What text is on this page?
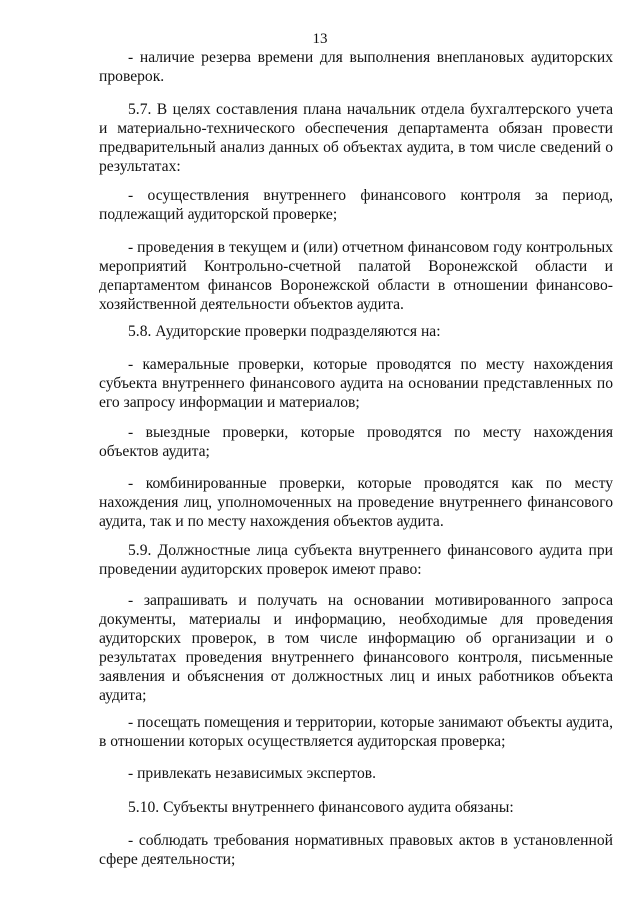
13

- наличие резерва времени для выполнения внеплановых аудиторских проверок.

5.7. В целях составления плана начальник отдела бухгалтерского учета и материально-технического обеспечения департамента обязан провести предварительный анализ данных об объектах аудита, в том числе сведений о результатах:

- осуществления внутреннего финансового контроля за период, подлежащий аудиторской проверке;

- проведения в текущем и (или) отчетном финансовом году контрольных мероприятий Контрольно-счетной палатой Воронежской области и департаментом финансов Воронежской области в отношении финансово-хозяйственной деятельности объектов аудита.

5.8. Аудиторские проверки подразделяются на:

- камеральные проверки, которые проводятся по месту нахождения субъекта внутреннего финансового аудита на основании представленных по его запросу информации и материалов;

- выездные проверки, которые проводятся по месту нахождения объектов аудита;

- комбинированные проверки, которые проводятся как по месту нахождения лиц, уполномоченных на проведение внутреннего финансового аудита, так и по месту нахождения объектов аудита.

5.9. Должностные лица субъекта внутреннего финансового аудита при проведении аудиторских проверок имеют право:

- запрашивать и получать на основании мотивированного запроса документы, материалы и информацию, необходимые для проведения аудиторских проверок, в том числе информацию об организации и о результатах проведения внутреннего финансового контроля, письменные заявления и объяснения от должностных лиц и иных работников объекта аудита;

- посещать помещения и территории, которые занимают объекты аудита, в отношении которых осуществляется аудиторская проверка;

- привлекать независимых экспертов.

5.10. Субъекты внутреннего финансового аудита обязаны:

- соблюдать требования нормативных правовых актов в установленной сфере деятельности;
